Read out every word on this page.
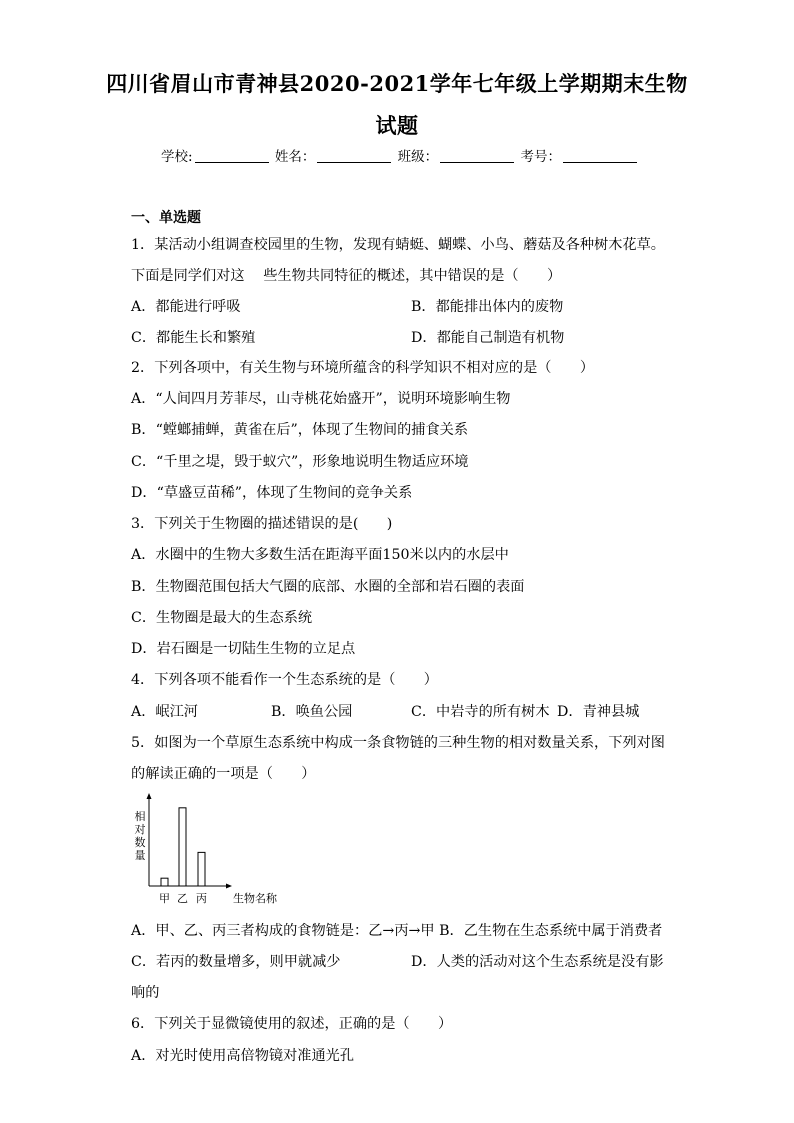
四川省眉山市青神县2020-2021学年七年级上学期期末生物
试题
学校:	姓名：	班级：	考号：
一、单选题
1．某活动小组调查校园里的生物，发现有蜻蜓、蝴蝶、小鸟、蘑菇及各种树木花草。
下面是同学们对这　 些生物共同特征的概述，其中错误的是（　　）
A．都能进行呼吸	B．都能排出体内的废物
C．都能生长和繁殖	D．都能自己制造有机物
2．下列各项中，有关生物与环境所蕴含的科学知识不相对应的是（　　）
A．“人间四月芳菲尽，山寺桃花始盛开”，说明环境影响生物
B．“螳螂捕蝉，黄雀在后”，体现了生物间的捕食关系
C．“千里之堤，毁于蚁穴”，形象地说明生物适应环境
D．“草盛豆苗稀”，体现了生物间的竞争关系
3．下列关于生物圈的描述错误的是(　　)
A．水圈中的生物大多数生活在距海平面150米以内的水层中
B．生物圈范围包括大气圈的底部、水圈的全部和岩石圈的表面
C．生物圈是最大的生态系统
D．岩石圈是一切陆生生物的立足点
4．下列各项不能看作一个生态系统的是（　　）
A．岷江河	B．唤鱼公园	C．中岩寺的所有树木 D．青神县城
5．如图为一个草原生态系统中构成一条食物链的三种生物的相对数量关系，下列对图
的解读正确的一项是（　　）
相
对
数
量
甲 乙 丙 生物名称
A．甲、乙、丙三者构成的食物链是：乙→丙→甲 B．乙生物在生态系统中属于消费者
C．若丙的数量增多，则甲就减少	D．人类的活动对这个生态系统是没有影
响的
6．下列关于显微镜使用的叙述，正确的是（　　）
A．对光时使用高倍物镜对准通光孔
